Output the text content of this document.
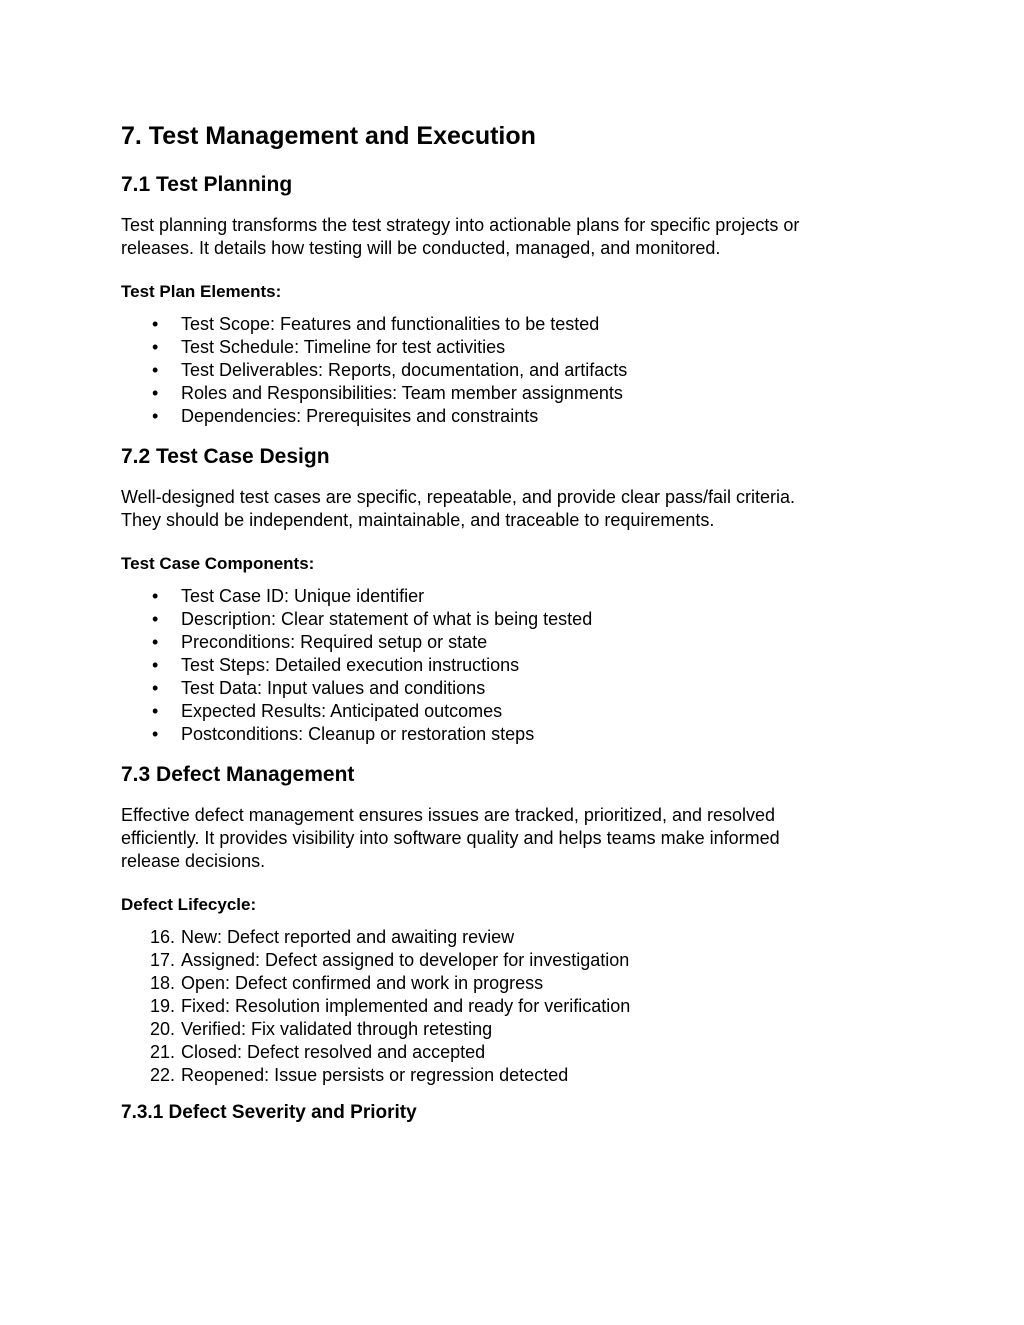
7. Test Management and Execution
7.1 Test Planning

Test planning transforms the test strategy into actionable plans for specific projects or
releases. It details how testing will be conducted, managed, and monitored.

Test Plan Elements:
• Test Scope: Features and functionalities to be tested
• Test Schedule: Timeline for test activities
• Test Deliverables: Reports, documentation, and artifacts
• Roles and Responsibilities: Team member assignments
• Dependencies: Prerequisites and constraints
7.2 Test Case Design

Well-designed test cases are specific, repeatable, and provide clear pass/fail criteria.
They should be independent, maintainable, and traceable to requirements.

Test Case Components:
• Test Case ID: Unique identifier
• Description: Clear statement of what is being tested
• Preconditions: Required setup or state
• Test Steps: Detailed execution instructions
• Test Data: Input values and conditions
• Expected Results: Anticipated outcomes
• Postconditions: Cleanup or restoration steps
7.3 Defect Management

Effective defect management ensures issues are tracked, prioritized, and resolved
efficiently. It provides visibility into software quality and helps teams make informed
release decisions.

Defect Lifecycle:
16. New: Defect reported and awaiting review
17. Assigned: Defect assigned to developer for investigation
18. Open: Defect confirmed and work in progress
19. Fixed: Resolution implemented and ready for verification
20. Verified: Fix validated through retesting
21. Closed: Defect resolved and accepted
22. Reopened: Issue persists or regression detected
7.3.1 Defect Severity and Priority
